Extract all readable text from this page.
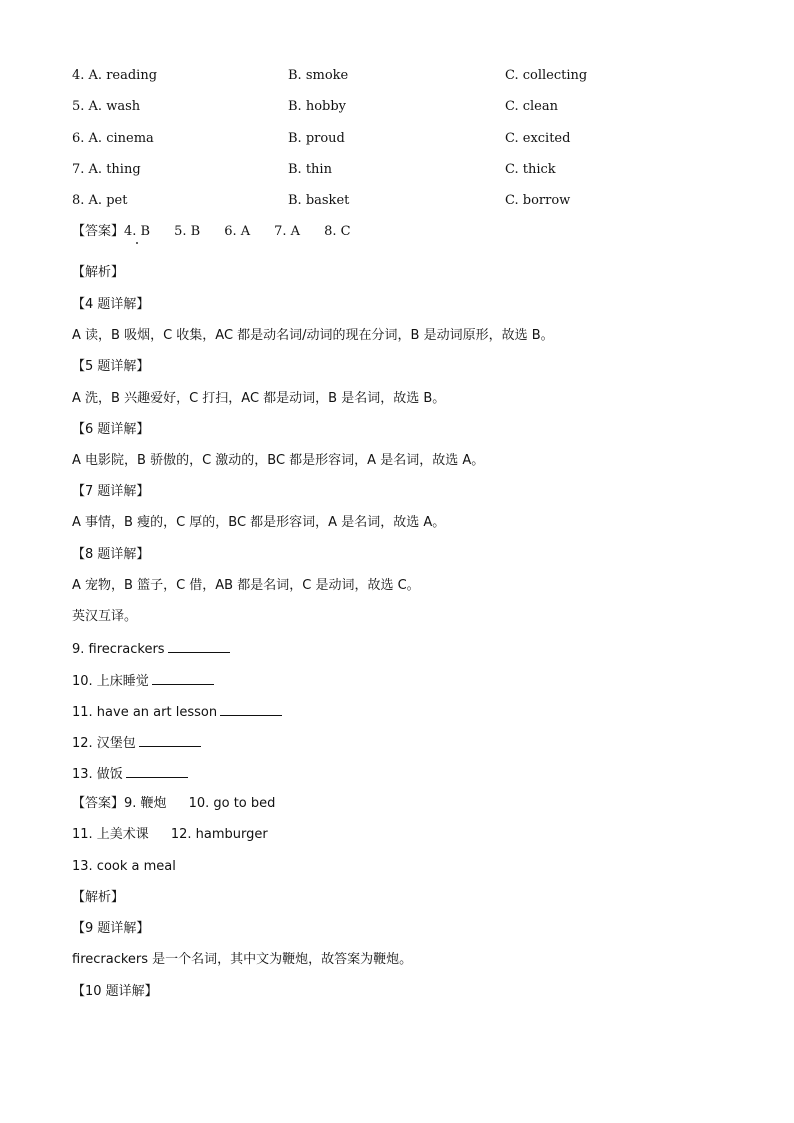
4. A. reading	B. smoke	C. collecting
5. A. wash	B. hobby	C. clean
6. A. cinema	B. proud	C. excited
7. A. thing	B. thin	C. thick
8. A. pet	B. basket	C. borrow
【答案】4. B 5. B 6. A 7. A 8. C
【解析】
【4 题详解】
A 读，B 吸烟，C 收集，AC 都是动名词/动词的现在分词，B 是动词原形，故选 B。
【5 题详解】
A 洗，B 兴趣爱好，C 打扫，AC 都是动词，B 是名词，故选 B。
【6 题详解】
A 电影院，B 骄傲的，C 激动的，BC 都是形容词，A 是名词，故选 A。
【7 题详解】
A 事情，B 瘦的，C 厚的，BC 都是形容词，A 是名词，故选 A。
【8 题详解】
A 宠物，B 篮子，C 借，AB 都是名词，C 是动词，故选 C。
英汉互译。
9. firecrackers
10. 上床睡觉
11. have an art lesson
12. 汉堡包
13. 做饭
【答案】9. 鞭炮 10. go to bed
11. 上美术课 12. hamburger
13. cook a meal
【解析】
【9 题详解】
firecrackers 是一个名词，其中文为鞭炮，故答案为鞭炮。
【10 题详解】
